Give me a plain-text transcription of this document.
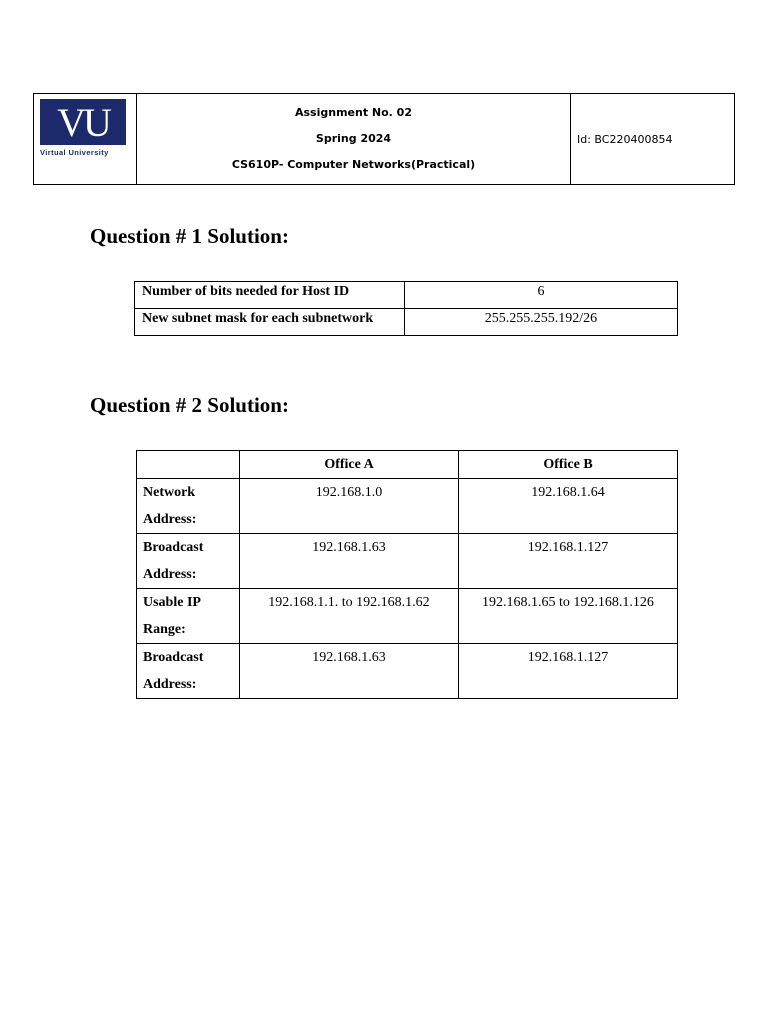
VU
Virtual University

Assignment No. 02
Spring 2024
CS610P- Computer Networks(Practical)
	Id: BC220400854
Question # 1 Solution:
Number of bits needed for Host ID	6
New subnet mask for each subnetwork	255.255.255.192/26
Question # 2 Solution:
	Office A	Office B
Network Address:	192.168.1.0	192.168.1.64
Broadcast Address:	192.168.1.63	192.168.1.127
Usable IP Range:	192.168.1.1. to 192.168.1.62	192.168.1.65 to 192.168.1.126
Broadcast Address:	192.168.1.63	192.168.1.127
